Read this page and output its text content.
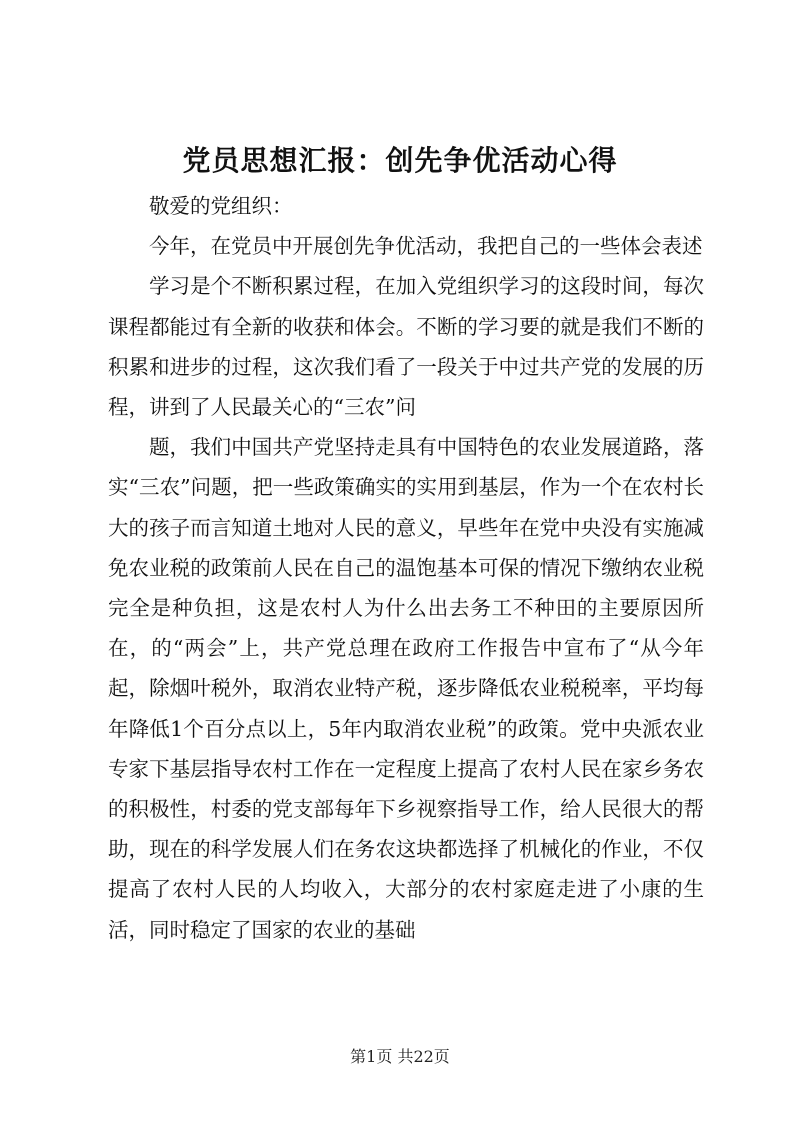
党员思想汇报：创先争优活动心得

敬爱的党组织：

今年，在党员中开展创先争优活动，我把自己的一些体会表述

学习是个不断积累过程，在加入党组织学习的这段时间，每次课程都能过有全新的收获和体会。不断的学习要的就是我们不断的积累和进步的过程，这次我们看了一段关于中过共产党的发展的历程，讲到了人民最关心的“三农”问

题，我们中国共产党坚持走具有中国特色的农业发展道路，落实“三农”问题，把一些政策确实的实用到基层，作为一个在农村长大的孩子而言知道土地对人民的意义，早些年在党中央没有实施减免农业税的政策前人民在自己的温饱基本可保的情况下缴纳农业税完全是种负担，这是农村人为什么出去务工不种田的主要原因所在，的“两会”上，共产党总理在政府工作报告中宣布了“从今年起，除烟叶税外，取消农业特产税，逐步降低农业税税率，平均每年降低1个百分点以上，5年内取消农业税”的政策。党中央派农业专家下基层指导农村工作在一定程度上提高了农村人民在家乡务农的积极性，村委的党支部每年下乡视察指导工作，给人民很大的帮助，现在的科学发展人们在务农这块都选择了机械化的作业，不仅提高了农村人民的人均收入，大部分的农村家庭走进了小康的生活，同时稳定了国家的农业的基础

第1页 共22页
